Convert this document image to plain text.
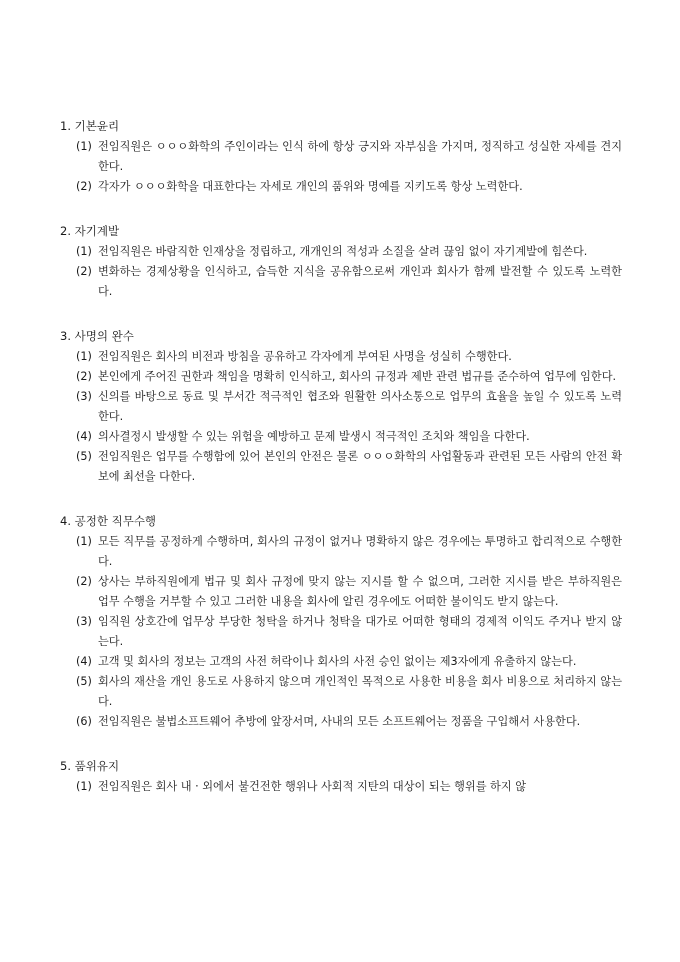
1. 기본윤리
(1) 전임직원은 ㅇㅇㅇ화학의 주인이라는 인식 하에 항상 긍지와 자부심을 가지며, 정직하고 성실한 자세를 견지한다.
(2) 각자가 ㅇㅇㅇ화학을 대표한다는 자세로 개인의 품위와 명예를 지키도록 항상 노력한다.
2. 자기계발
(1) 전임직원은 바람직한 인재상을 정립하고, 개개인의 적성과 소질을 살려 끊임 없이 자기계발에 힘쓴다.
(2) 변화하는 경제상황을 인식하고, 습득한 지식을 공유함으로써 개인과 회사가 함께 발전할 수 있도록 노력한다.
3. 사명의 완수
(1) 전임직원은 회사의 비전과 방침을 공유하고 각자에게 부여된 사명을 성실히 수행한다.
(2) 본인에게 주어진 권한과 책임을 명확히 인식하고, 회사의 규정과 제반 관련 법규를 준수하여 업무에 임한다.
(3) 신의를 바탕으로 동료 및 부서간 적극적인 협조와 원활한 의사소통으로 업무의 효율을 높일 수 있도록 노력한다.
(4) 의사결정시 발생할 수 있는 위험을 예방하고 문제 발생시 적극적인 조치와 책임을 다한다.
(5) 전임직원은 업무를 수행함에 있어 본인의 안전은 물론 ㅇㅇㅇ화학의 사업활동과 관련된 모든 사람의 안전 확보에 최선을 다한다.
4. 공정한 직무수행
(1) 모든 직무를 공정하게 수행하며, 회사의 규정이 없거나 명확하지 않은 경우에는 투명하고 합리적으로 수행한다.
(2) 상사는 부하직원에게 법규 및 회사 규정에 맞지 않는 지시를 할 수 없으며, 그러한 지시를 받은 부하직원은 업무 수행을 거부할 수 있고 그러한 내용을 회사에 알린 경우에도 어떠한 불이익도 받지 않는다.
(3) 임직원 상호간에 업무상 부당한 청탁을 하거나 청탁을 대가로 어떠한 형태의 경제적 이익도 주거나 받지 않는다.
(4) 고객 및 회사의 정보는 고객의 사전 허락이나 회사의 사전 승인 없이는 제3자에게 유출하지 않는다.
(5) 회사의 재산을 개인 용도로 사용하지 않으며 개인적인 목적으로 사용한 비용을 회사 비용으로 처리하지 않는다.
(6) 전임직원은 불법소프트웨어 추방에 앞장서며, 사내의 모든 소프트웨어는 정품을 구입해서 사용한다.
5. 품위유지
(1) 전임직원은 회사 내 · 외에서 불건전한 행위나 사회적 지탄의 대상이 되는 행위를 하지 않
